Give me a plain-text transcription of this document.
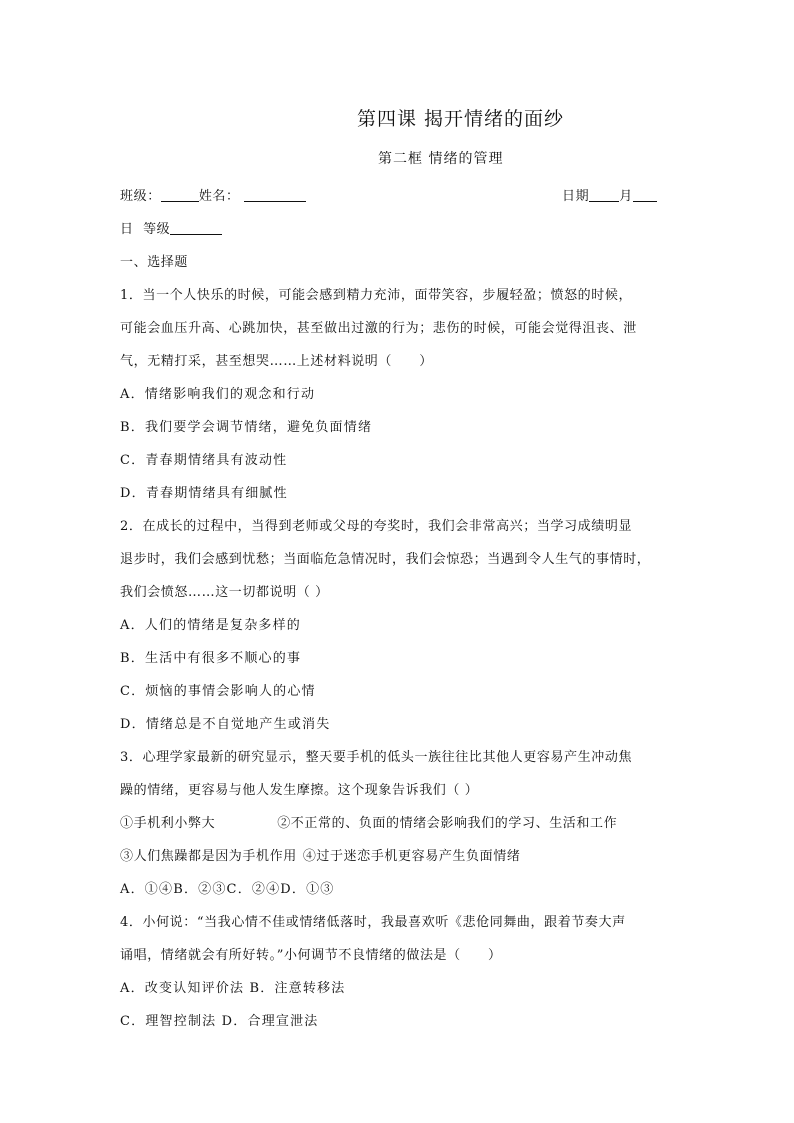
第四课 揭开情绪的面纱
第二框 情绪的管理
班级：	姓名：	日期 月
日 等级
一、选择题
1．当一个人快乐的时候，可能会感到精力充沛，面带笑容，步履轻盈；愤怒的时候，
可能会血压升高、心跳加快，甚至做出过激的行为；悲伤的时候，可能会觉得沮丧、泄
气，无精打采，甚至想哭……上述材料说明（　　）
A．情绪影响我们的观念和行动
B．我们要学会调节情绪，避免负面情绪
C．青春期情绪具有波动性
D．青春期情绪具有细腻性
2．在成长的过程中，当得到老师或父母的夸奖时，我们会非常高兴；当学习成绩明显
退步时，我们会感到忧愁；当面临危急情况时，我们会惊恐；当遇到令人生气的事情时，
我们会愤怒……这一切都说明（ ）
A．人们的情绪是复杂多样的
B．生活中有很多不顺心的事
C．烦恼的事情会影响人的心情
D．情绪总是不自觉地产生或消失
3．心理学家最新的研究显示，整天要手机的低头一族往往比其他人更容易产生冲动焦
躁的情绪，更容易与他人发生摩擦。这个现象告诉我们（ ）
①手机利小弊大	②不正常的、负面的情绪会影响我们的学习、生活和工作
③人们焦躁都是因为手机作用 ④过于迷恋手机更容易产生负面情绪
A．①④B．②③C．②④D．①③
4．小何说：“当我心情不佳或情绪低落时，我最喜欢听《悲伧同舞曲，跟着节奏大声
诵唱，情绪就会有所好转。”小何调节不良情绪的做法是（　　）
A．改变认知评价法 B．注意转移法
C．理智控制法 D．合理宣泄法
